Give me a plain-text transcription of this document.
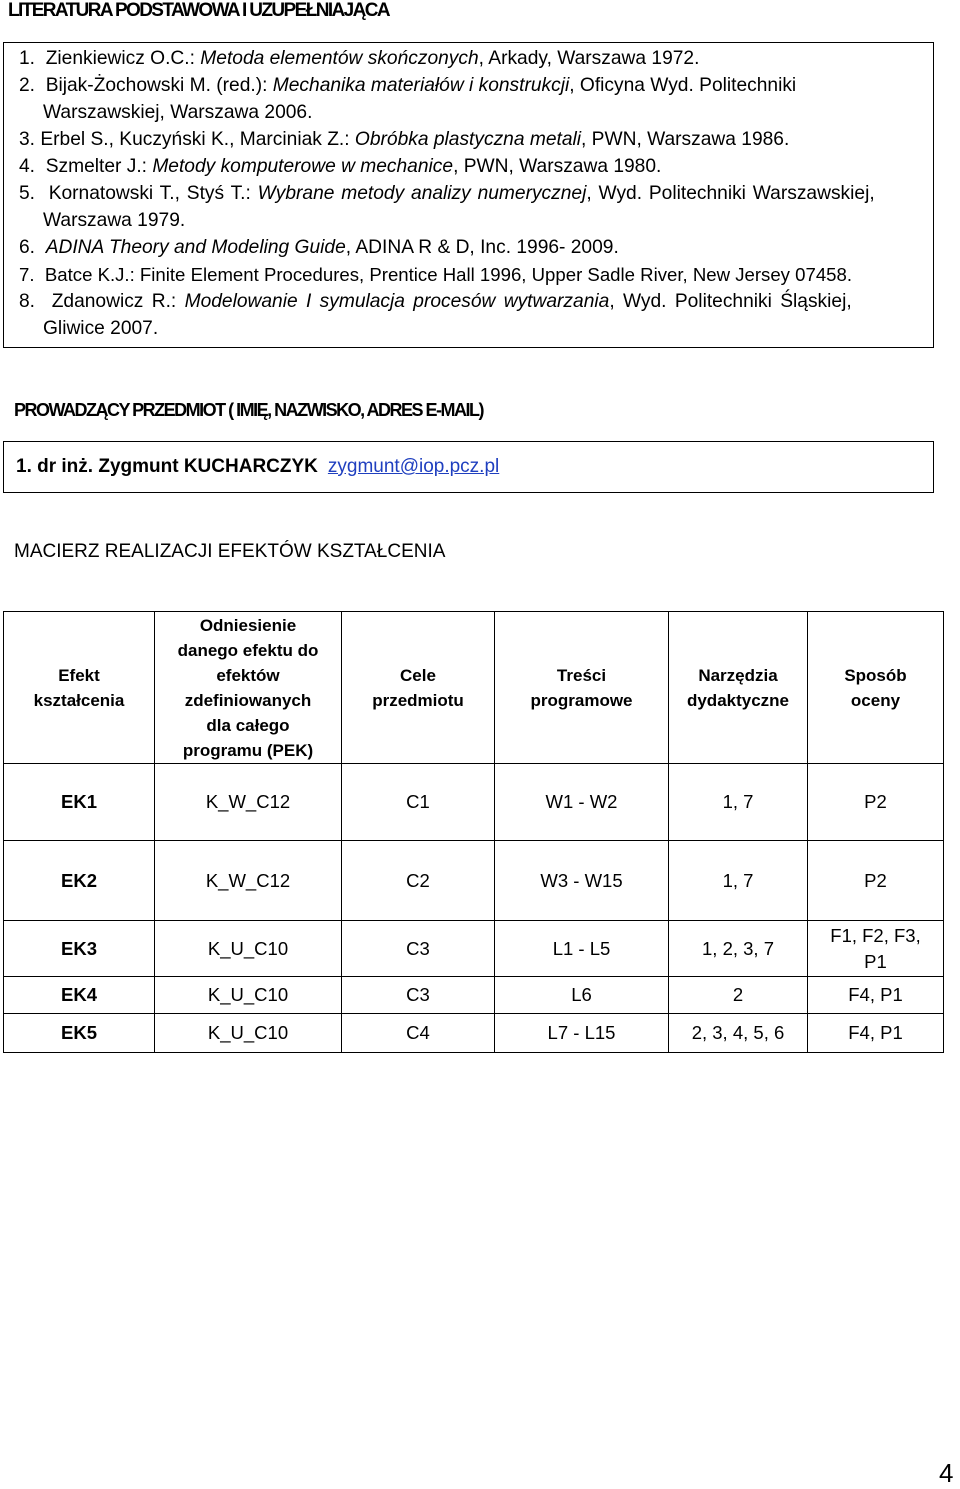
LITERATURA PODSTAWOWA I UZUPEŁNIAJĄCA
1. Zienkiewicz O.C.: Metoda elementów skończonych, Arkady, Warszawa 1972.
2. Bijak-Żochowski M. (red.): Mechanika materiałów i konstrukcji, Oficyna Wyd. Politechniki
Warszawskiej, Warszawa 2006.
3. Erbel S., Kuczyński K., Marciniak Z.: Obróbka plastyczna metali, PWN, Warszawa 1986.
4. Szmelter J.: Metody komputerowe w mechanice, PWN, Warszawa 1980.
5. Kornatowski T., Styś T.: Wybrane metody analizy numerycznej, Wyd. Politechniki Warszawskiej,
Warszawa 1979.
6. ADINA Theory and Modeling Guide, ADINA R & D, Inc. 1996- 2009.
7. Batce K.J.: Finite Element Procedures, Prentice Hall 1996, Upper Sadle River, New Jersey 07458.
8. Zdanowicz R.: Modelowanie I symulacja procesów wytwarzania, Wyd. Politechniki Śląskiej,
Gliwice 2007.
PROWADZĄCY PRZEDMIOT ( IMIĘ, NAZWISKO, ADRES E-MAIL)
1. dr inż. Zygmunt KUCHARCZYK zygmunt@iop.pcz.pl
MACIERZ REALIZACJI EFEKTÓW KSZTAŁCENIA
Efekt kształcenia	Odniesienie danego efektu do efektów zdefiniowanych dla całego programu (PEK)	Cele przedmiotu	Treści programowe	Narzędzia dydaktyczne	Sposób oceny
EK1	K_W_C12	C1	W1 - W2	1, 7	P2
EK2	K_W_C12	C2	W3 - W15	1, 7	P2
EK3	K_U_C10	C3	L1 - L5	1, 2, 3, 7	F1, F2, F3, P1
EK4	K_U_C10	C3	L6	2	F4, P1
EK5	K_U_C10	C4	L7 - L15	2, 3, 4, 5, 6	F4, P1
4
